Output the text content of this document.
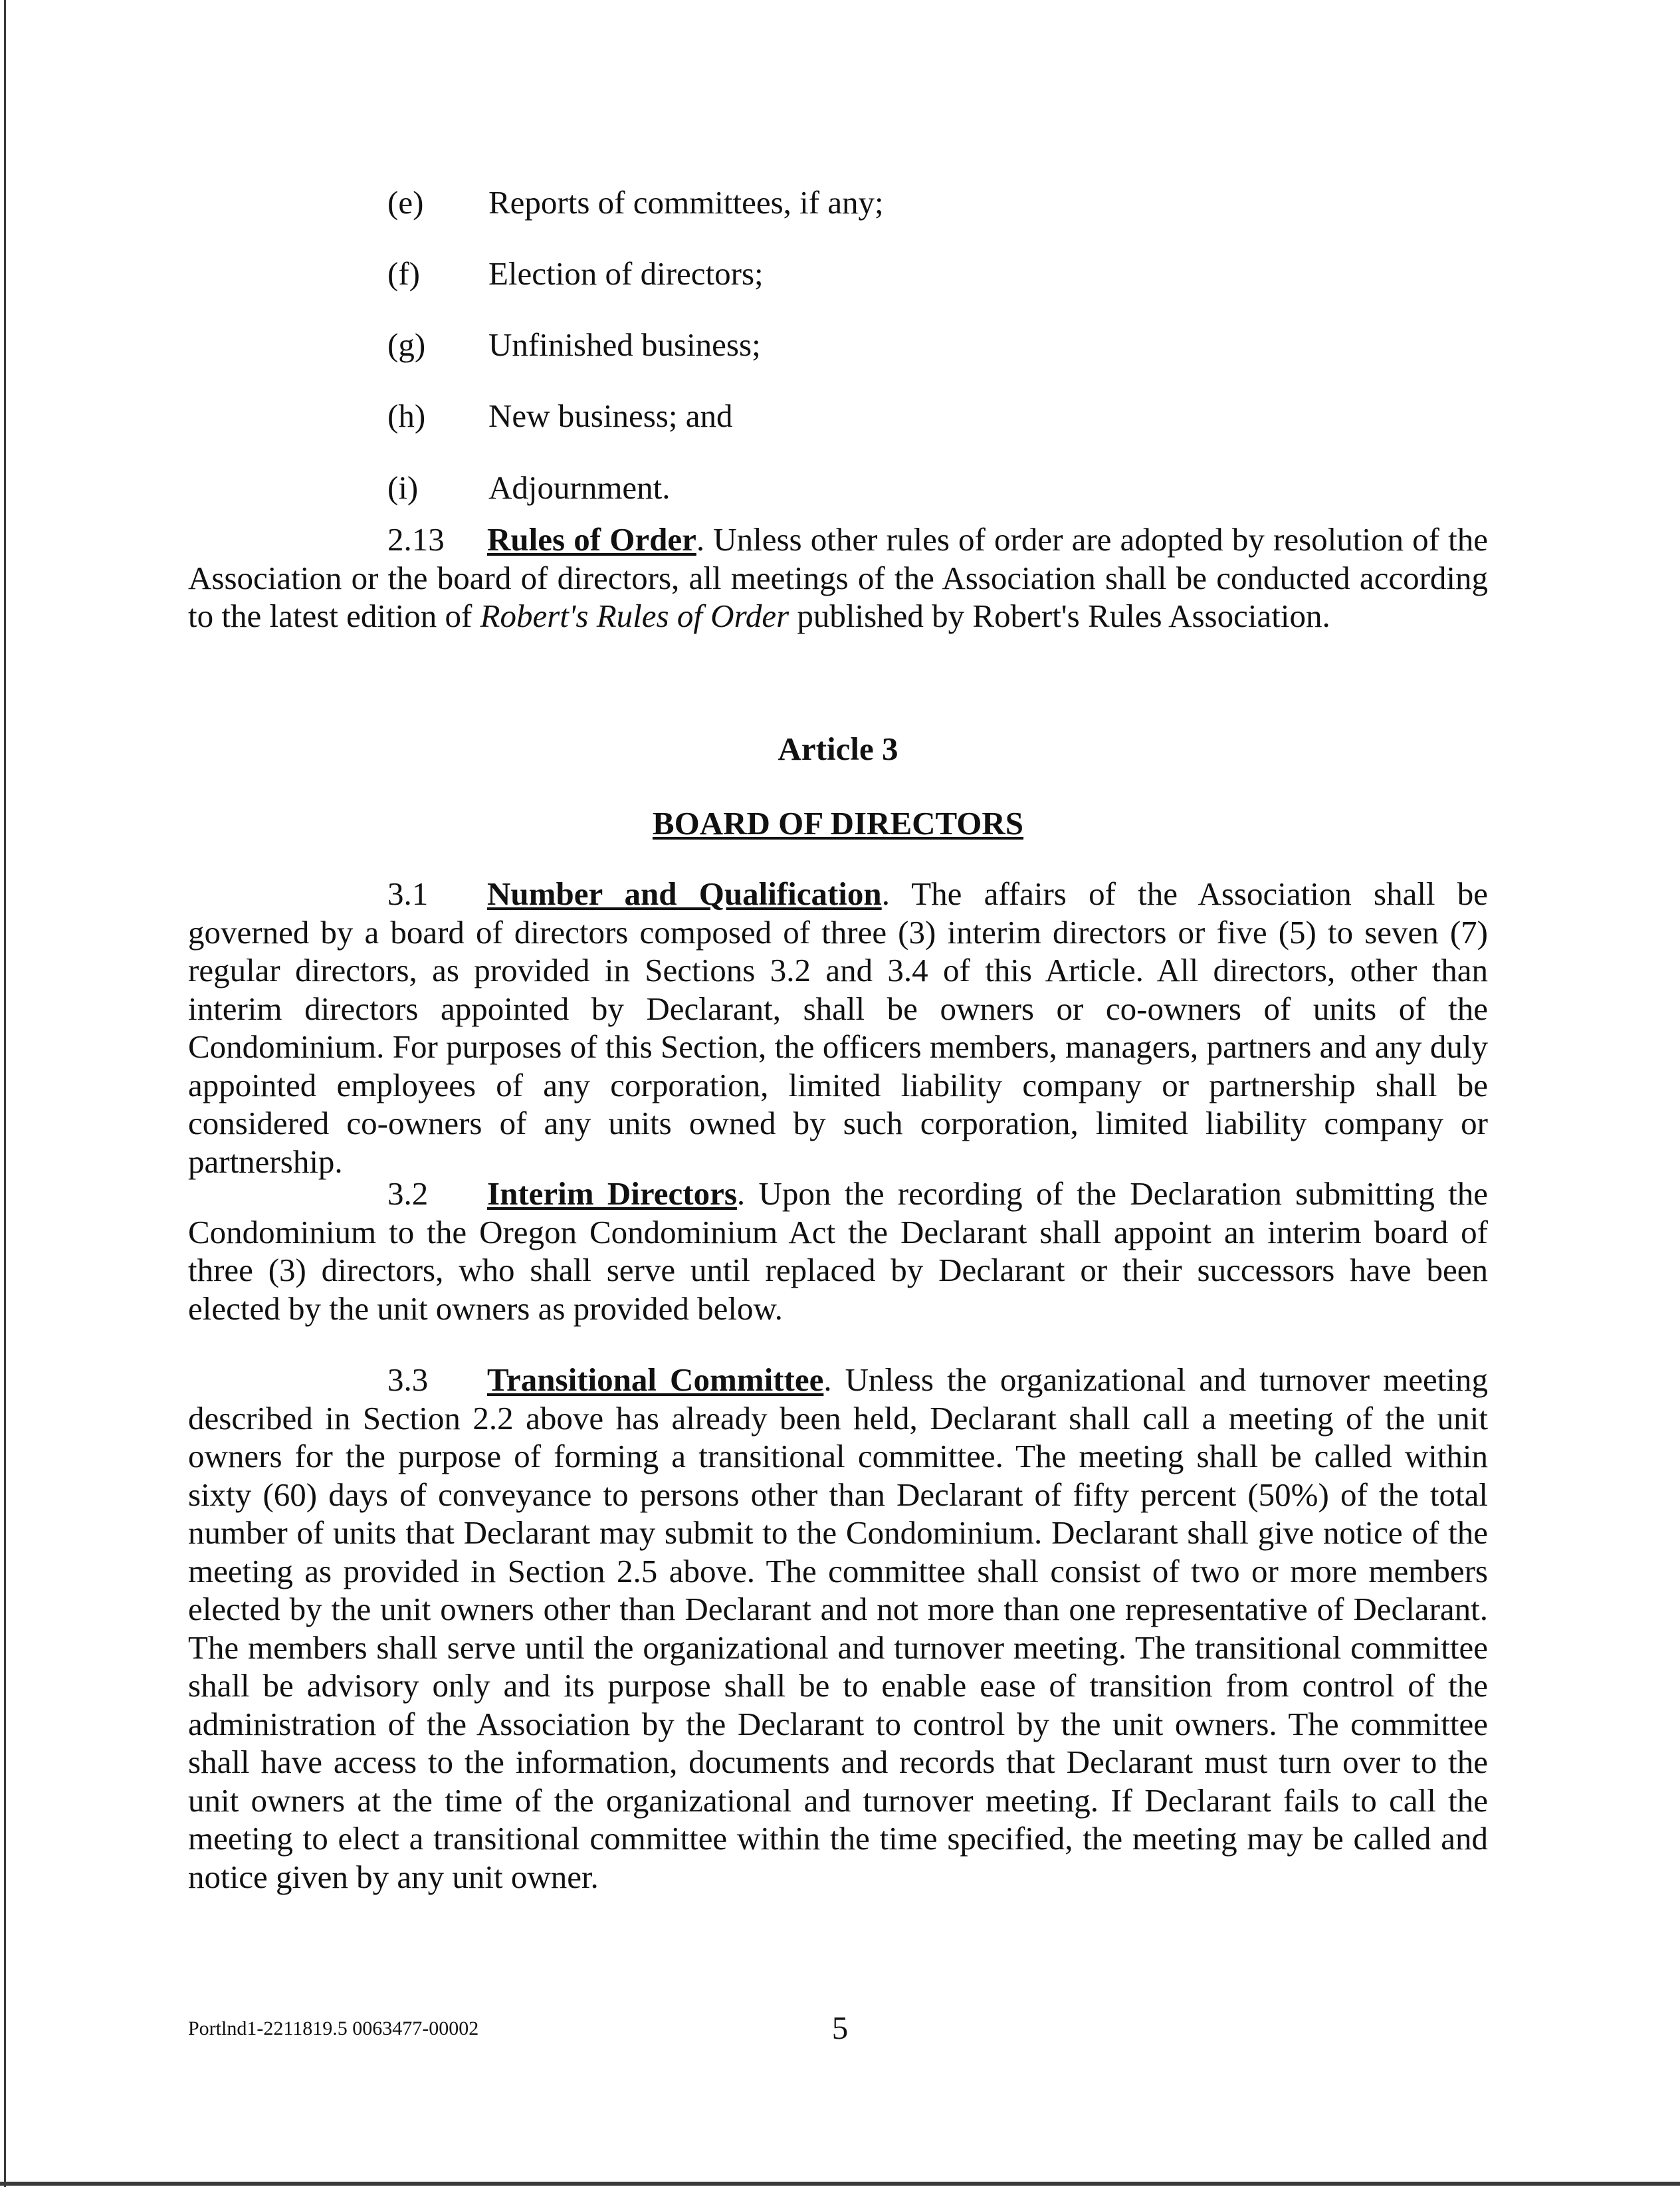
(e)	Reports of committees, if any;
(f)	Election of directors;
(g)	Unfinished business;
(h)	New business; and
(i)	Adjournment.

2.13 Rules of Order. Unless other rules of order are adopted by resolution of the Association or the board of directors, all meetings of the Association shall be conducted according to the latest edition of Robert's Rules of Order published by Robert's Rules Association.

Article 3
BOARD OF DIRECTORS

3.1 Number and Qualification. The affairs of the Association shall be governed by a board of directors composed of three (3) interim directors or five (5) to seven (7) regular directors, as provided in Sections 3.2 and 3.4 of this Article. All directors, other than interim directors appointed by Declarant, shall be owners or co-owners of units of the Condominium. For purposes of this Section, the officers members, managers, partners and any duly appointed employees of any corporation, limited liability company or partnership shall be considered co-owners of any units owned by such corporation, limited liability company or partnership.

3.2 Interim Directors. Upon the recording of the Declaration submitting the Condominium to the Oregon Condominium Act the Declarant shall appoint an interim board of three (3) directors, who shall serve until replaced by Declarant or their successors have been elected by the unit owners as provided below.

3.3 Transitional Committee. Unless the organizational and turnover meeting described in Section 2.2 above has already been held, Declarant shall call a meeting of the unit owners for the purpose of forming a transitional committee. The meeting shall be called within sixty (60) days of conveyance to persons other than Declarant of fifty percent (50%) of the total number of units that Declarant may submit to the Condominium. Declarant shall give notice of the meeting as provided in Section 2.5 above. The committee shall consist of two or more members elected by the unit owners other than Declarant and not more than one representative of Declarant. The members shall serve until the organizational and turnover meeting. The transitional committee shall be advisory only and its purpose shall be to enable ease of transition from control of the administration of the Association by the Declarant to control by the unit owners. The committee shall have access to the information, documents and records that Declarant must turn over to the unit owners at the time of the organizational and turnover meeting. If Declarant fails to call the meeting to elect a transitional committee within the time specified, the meeting may be called and notice given by any unit owner.

Portlnd1-2211819.5 0063477-00002	5
